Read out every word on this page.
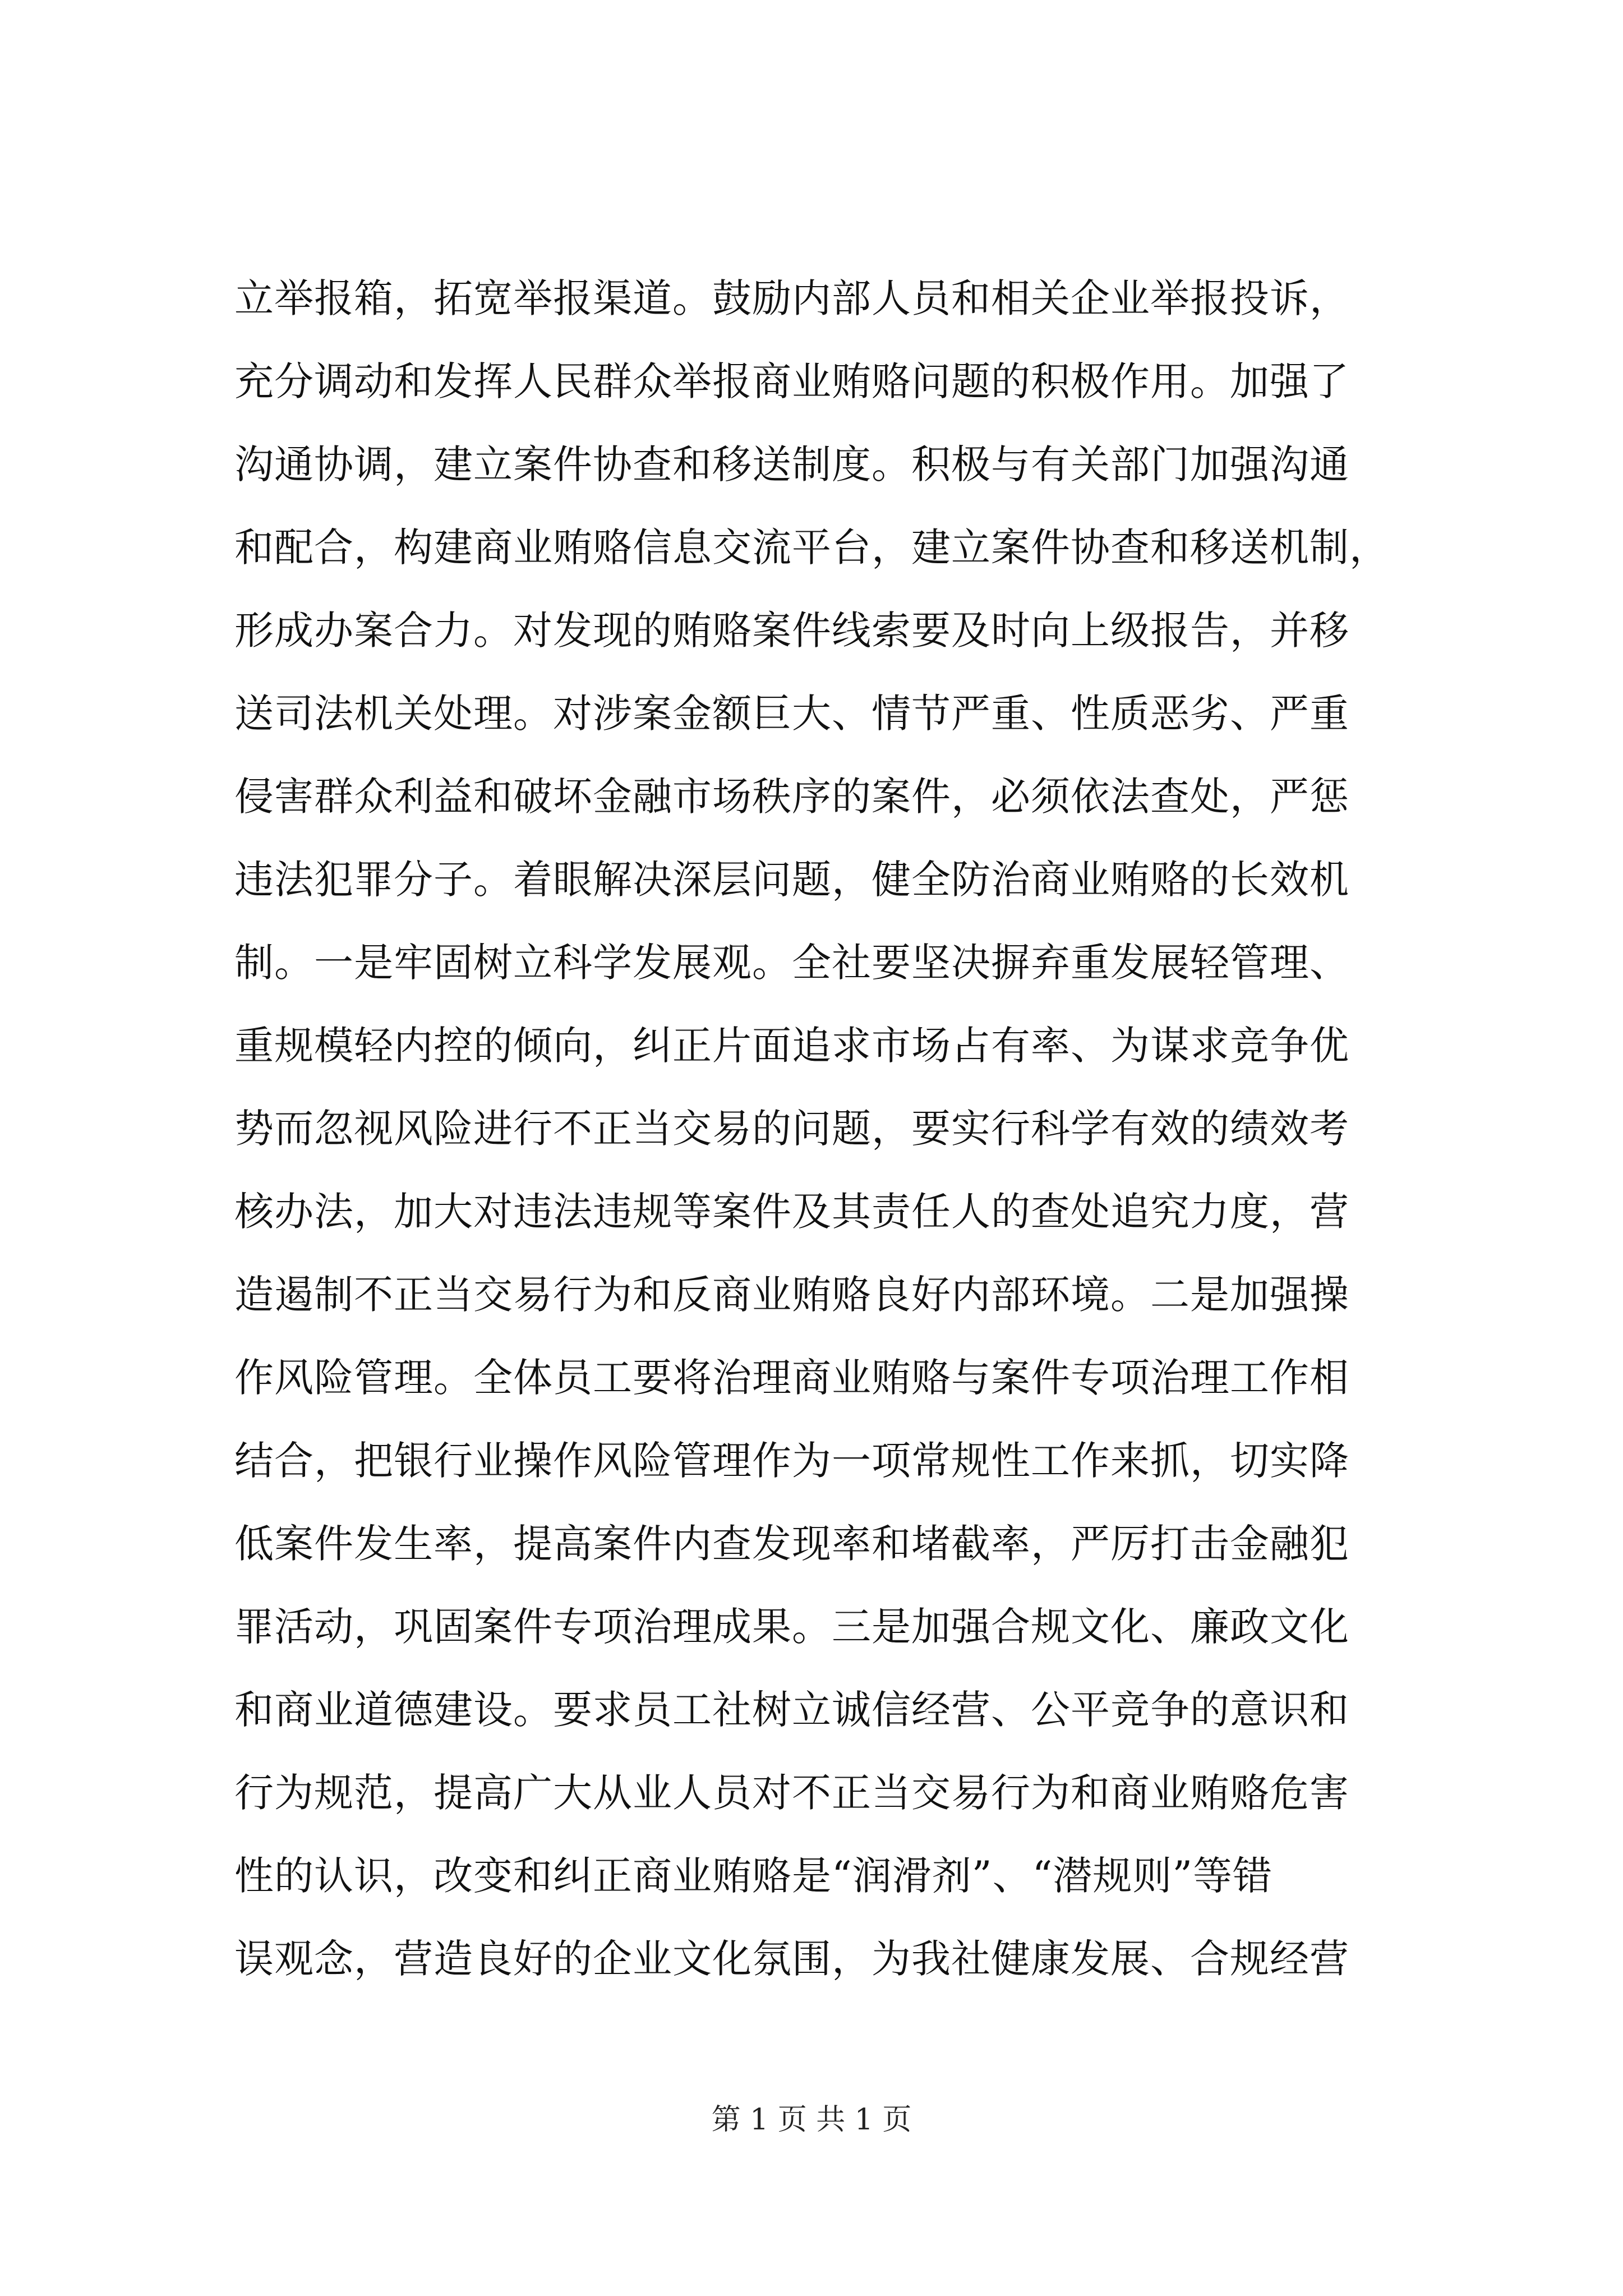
立举报箱，拓宽举报渠道。鼓励内部人员和相关企业举报投诉，
充分调动和发挥人民群众举报商业贿赂问题的积极作用。加强了
沟通协调，建立案件协查和移送制度。积极与有关部门加强沟通
和配合，构建商业贿赂信息交流平台，建立案件协查和移送机制，
形成办案合力。对发现的贿赂案件线索要及时向上级报告，并移
送司法机关处理。对涉案金额巨大、情节严重、性质恶劣、严重
侵害群众利益和破坏金融市场秩序的案件，必须依法查处，严惩
违法犯罪分子。着眼解决深层问题，健全防治商业贿赂的长效机
制。一是牢固树立科学发展观。全社要坚决摒弃重发展轻管理、
重规模轻内控的倾向，纠正片面追求市场占有率、为谋求竞争优
势而忽视风险进行不正当交易的问题，要实行科学有效的绩效考
核办法，加大对违法违规等案件及其责任人的查处追究力度，营
造遏制不正当交易行为和反商业贿赂良好内部环境。二是加强操
作风险管理。全体员工要将治理商业贿赂与案件专项治理工作相
结合，把银行业操作风险管理作为一项常规性工作来抓，切实降
低案件发生率，提高案件内查发现率和堵截率，严厉打击金融犯
罪活动，巩固案件专项治理成果。三是加强合规文化、廉政文化
和商业道德建设。要求员工社树立诚信经营、公平竞争的意识和
行为规范，提高广大从业人员对不正当交易行为和商业贿赂危害
性的认识，改变和纠正商业贿赂是“润滑剂”、“潜规则”等错
误观念，营造良好的企业文化氛围，为我社健康发展、合规经营
第 1 页 共 1 页
